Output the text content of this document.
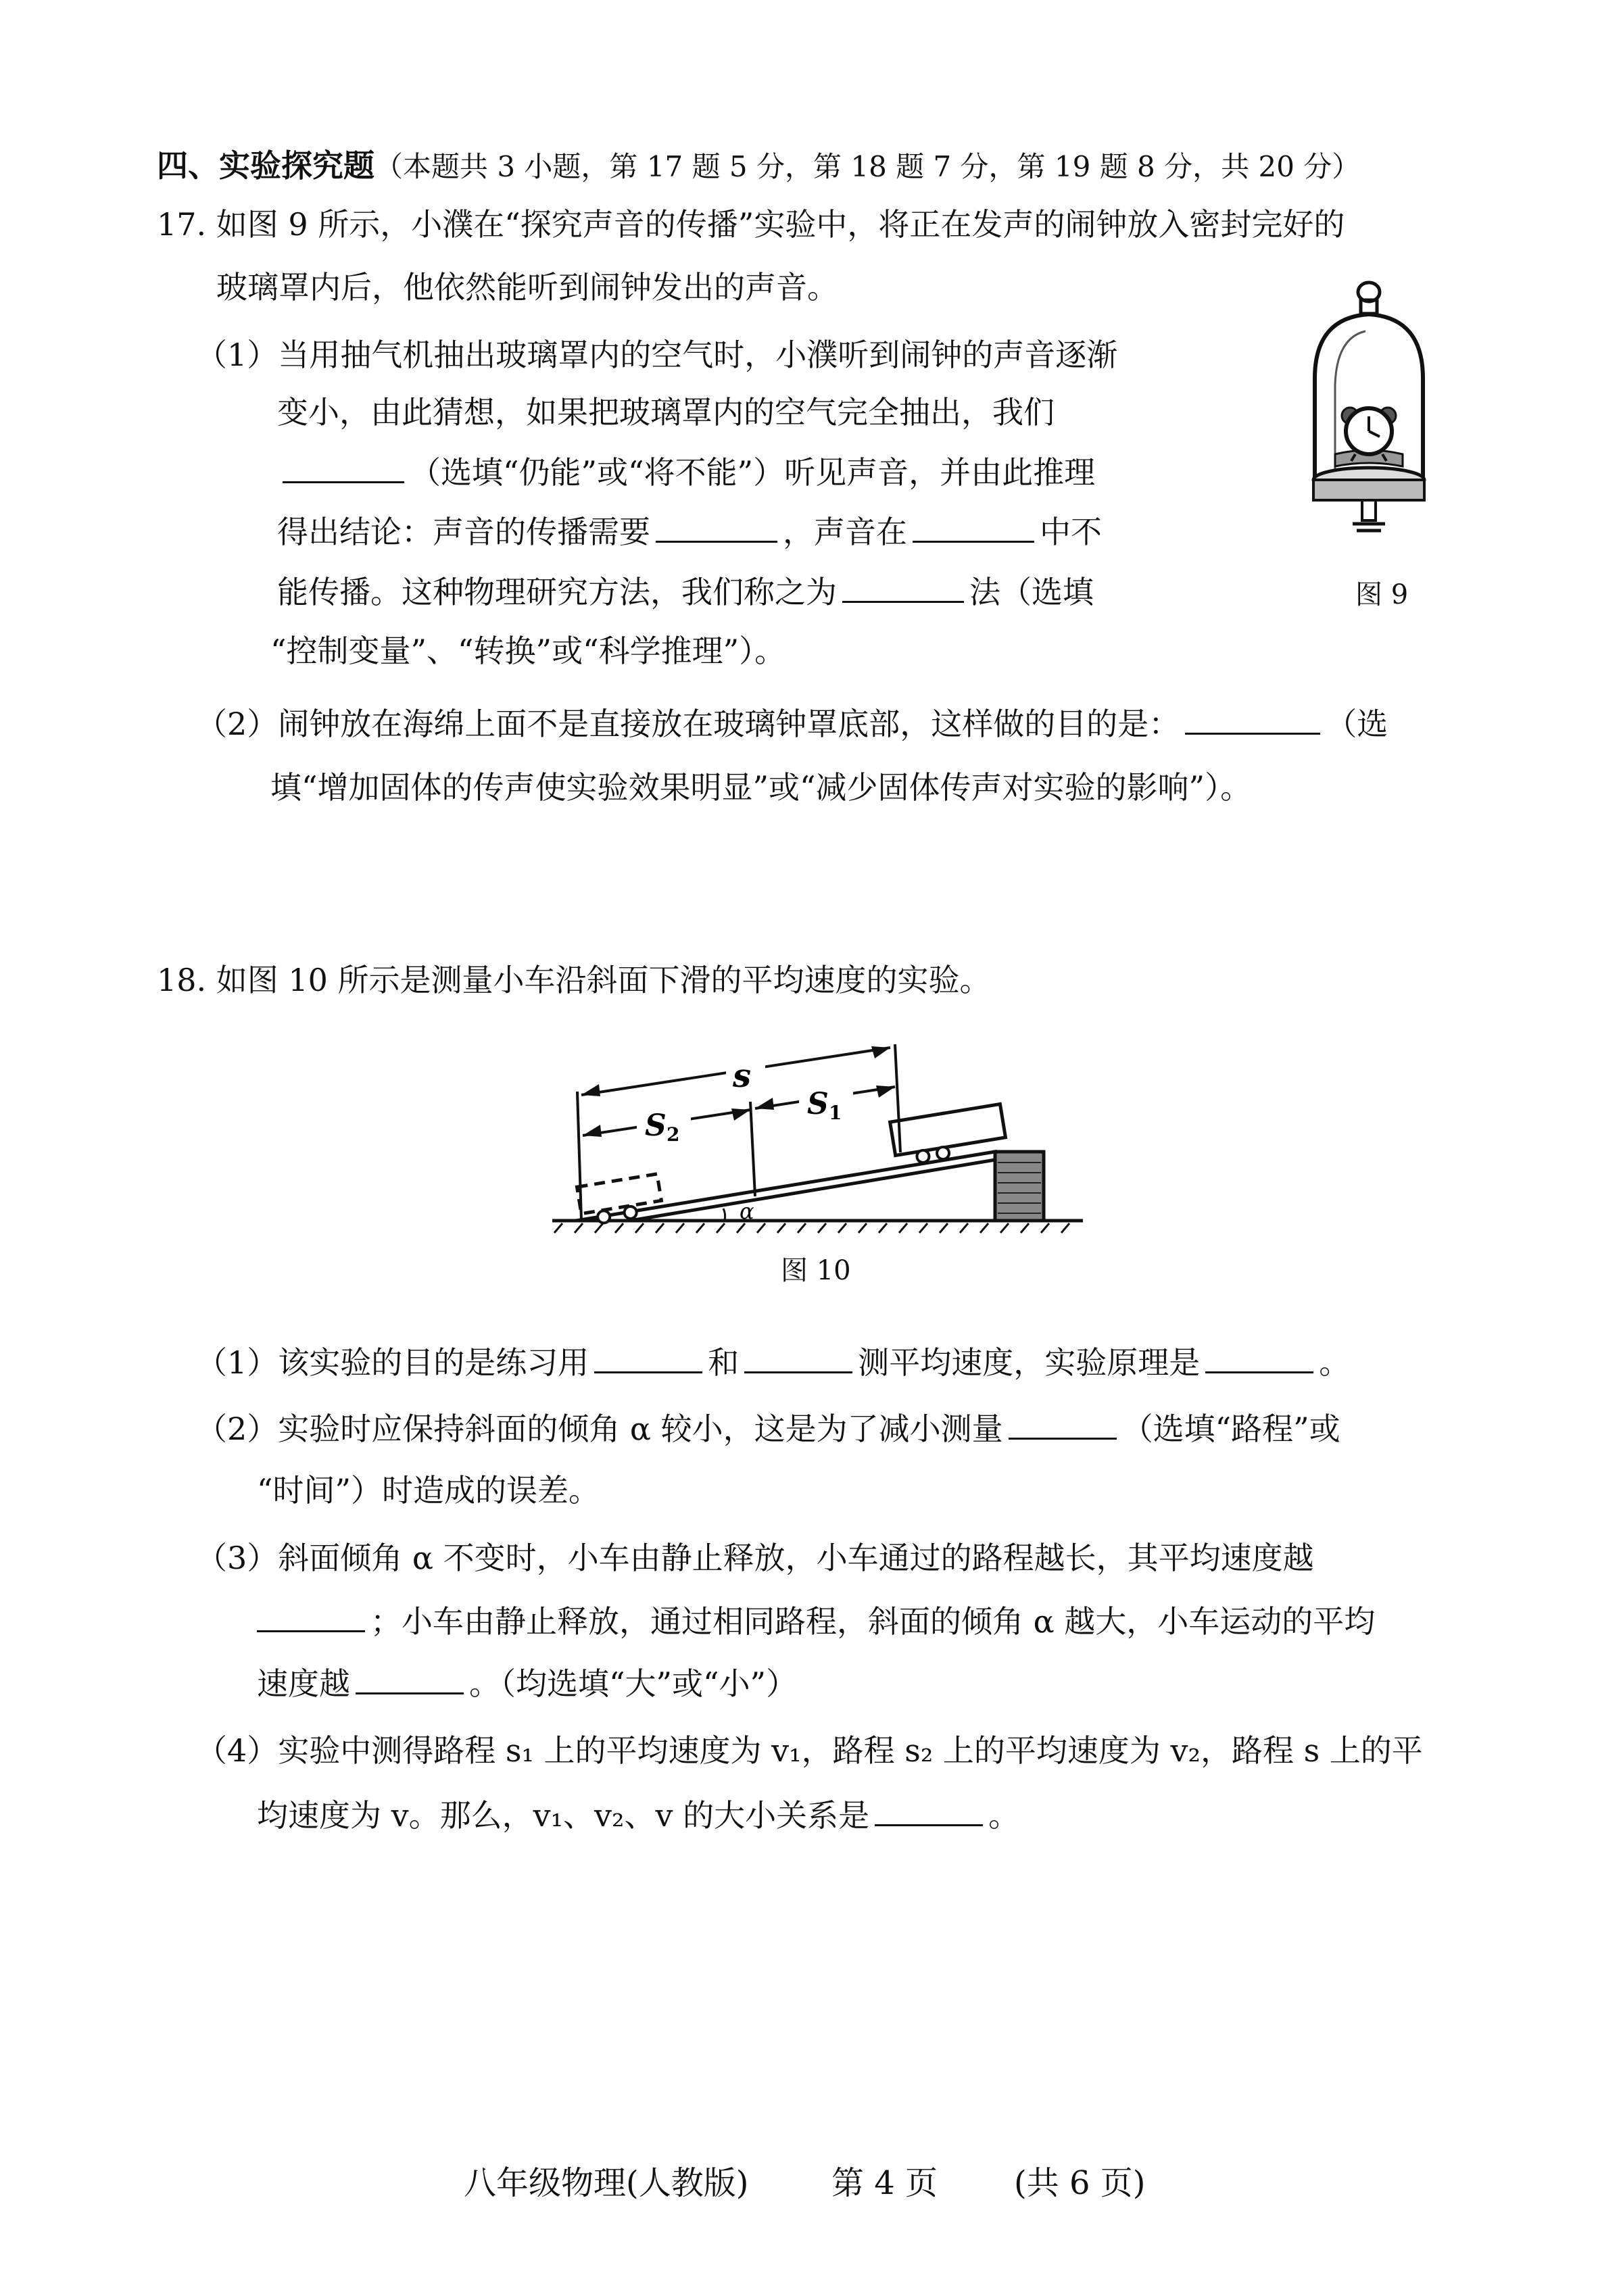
四、实验探究题（本题共 3 小题，第 17 题 5 分，第 18 题 7 分，第 19 题 8 分，共 20 分）
17. 如图 9 所示，小濮在“探究声音的传播”实验中，将正在发声的闹钟放入密封完好的
玻璃罩内后，他依然能听到闹钟发出的声音。
（1）当用抽气机抽出玻璃罩内的空气时，小濮听到闹钟的声音逐渐
变小，由此猜想，如果把玻璃罩内的空气完全抽出，我们
（选填“仍能”或“将不能”）听见声音，并由此推理
得出结论：声音的传播需要	，声音在	中不
能传播。这种物理研究方法，我们称之为	法（选填
“控制变量”、“转换”或“科学推理”）。
（2）闹钟放在海绵上面不是直接放在玻璃钟罩底部，这样做的目的是：	（选
填“增加固体的传声使实验效果明显”或“减少固体传声对实验的影响”）。
图 9
18. 如图 10 所示是测量小车沿斜面下滑的平均速度的实验。
s
S 2
S 1
α
图 10
（1）该实验的目的是练习用	和	测平均速度，实验原理是	。
（2）实验时应保持斜面的倾角 α 较小，这是为了减小测量	（选填“路程”或
“时间”）时造成的误差。
（3）斜面倾角 α 不变时，小车由静止释放，小车通过的路程越长，其平均速度越
；小车由静止释放，通过相同路程，斜面的倾角 α 越大，小车运动的平均
速度越	。（均选填“大”或“小”）
（4）实验中测得路程 s₁ 上的平均速度为 v₁，路程 s₂ 上的平均速度为 v₂，路程 s 上的平
均速度为 v。那么，v₁、v₂、v 的大小关系是	。
八年级物理(人教版)	第 4 页 (共 6 页)
